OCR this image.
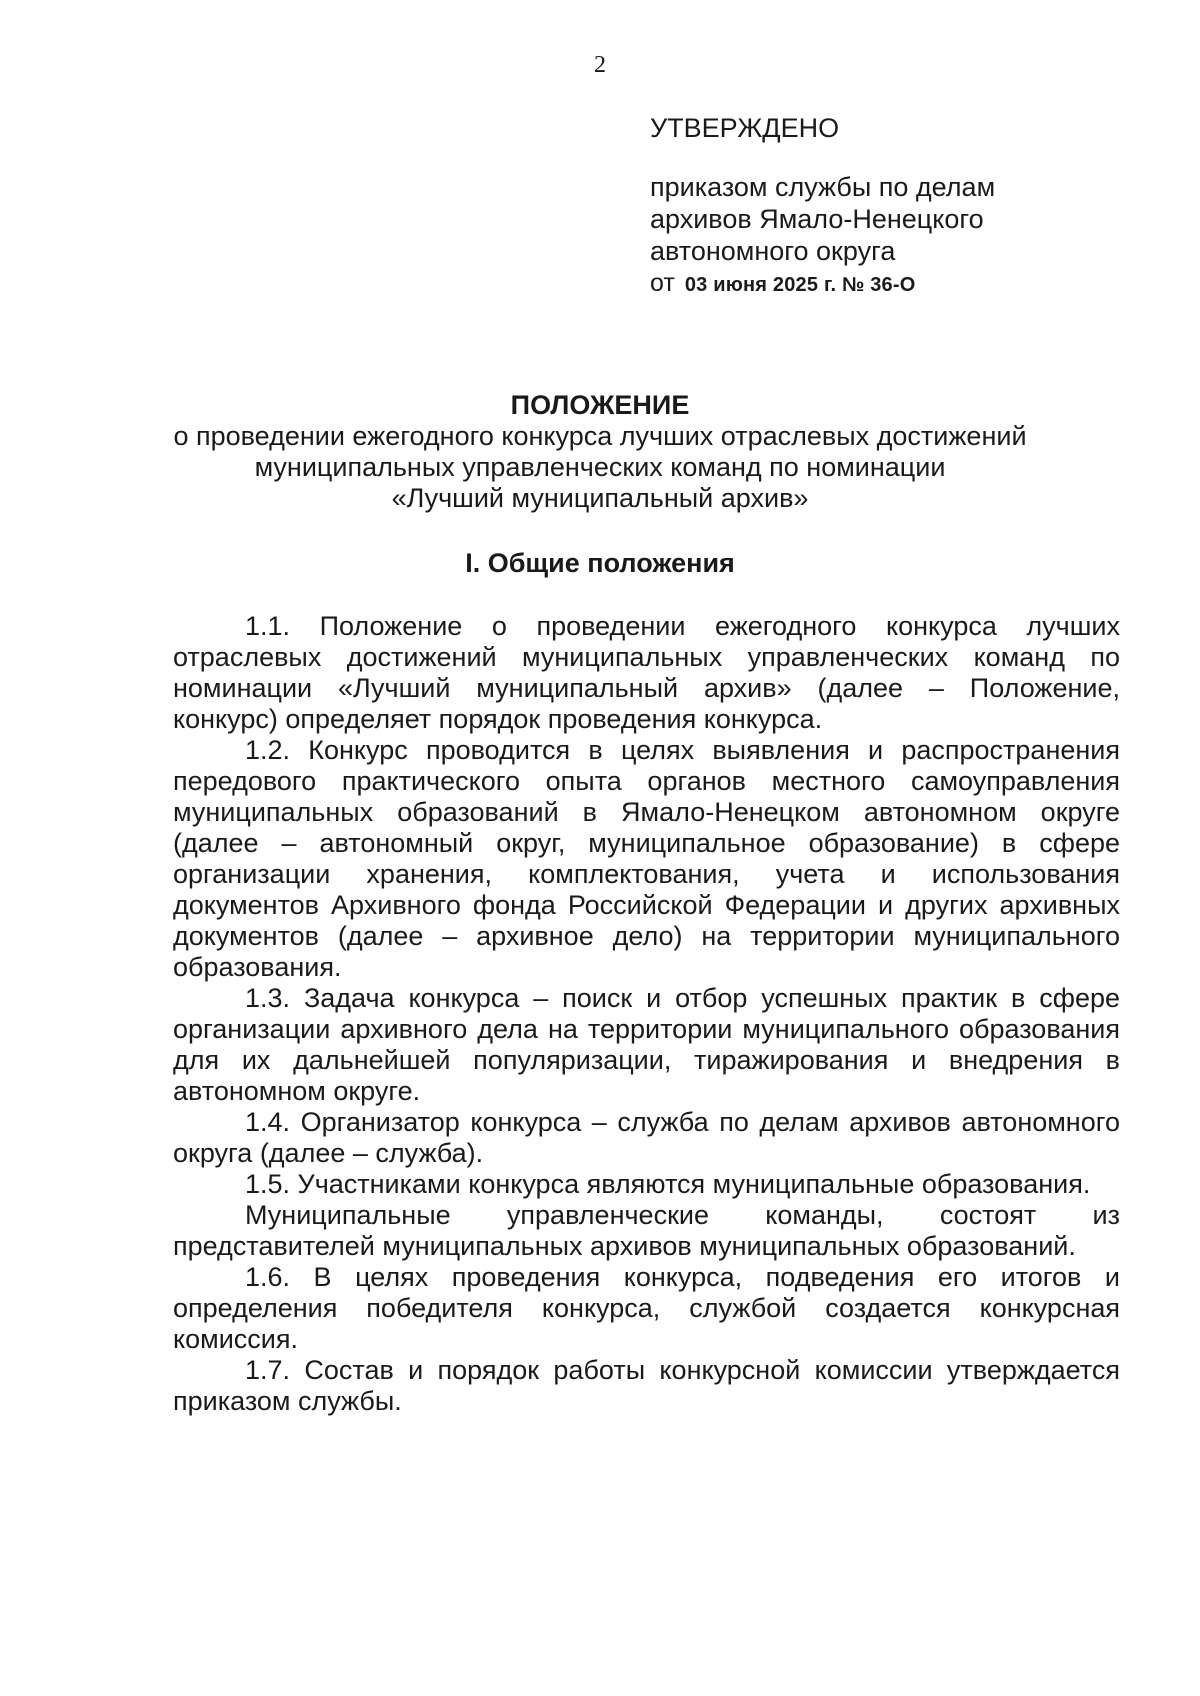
2
УТВЕРЖДЕНО
приказом службы по делам
архивов Ямало-Ненецкого
автономного округа
от 03 июня 2025 г. № 36-О
ПОЛОЖЕНИЕ
о проведении ежегодного конкурса лучших отраслевых достижений
муниципальных управленческих команд по номинации
«Лучший муниципальный архив»
I. Общие положения

1.1. Положение о проведении ежегодного конкурса лучших отраслевых достижений муниципальных управленческих команд по номинации «Лучший муниципальный архив» (далее – Положение, конкурс) определяет порядок проведения конкурса.

1.2. Конкурс проводится в целях выявления и распространения передового практического опыта органов местного самоуправления муниципальных образований в Ямало-Ненецком автономном округе (далее – автономный округ, муниципальное образование) в сфере организации хранения, комплектования, учета и использования документов Архивного фонда Российской Федерации и других архивных документов (далее – архивное дело) на территории муниципального образования.

1.3. Задача конкурса – поиск и отбор успешных практик в сфере организации архивного дела на территории муниципального образования для их дальнейшей популяризации, тиражирования и внедрения в автономном округе.

1.4. Организатор конкурса – служба по делам архивов автономного округа (далее – служба).

1.5. Участниками конкурса являются муниципальные образования.

Муниципальные управленческие команды, состоят из представителей муниципальных архивов муниципальных образований.

1.6. В целях проведения конкурса, подведения его итогов и определения победителя конкурса, службой создается конкурсная комиссия.

1.7. Состав и порядок работы конкурсной комиссии утверждается приказом службы.
